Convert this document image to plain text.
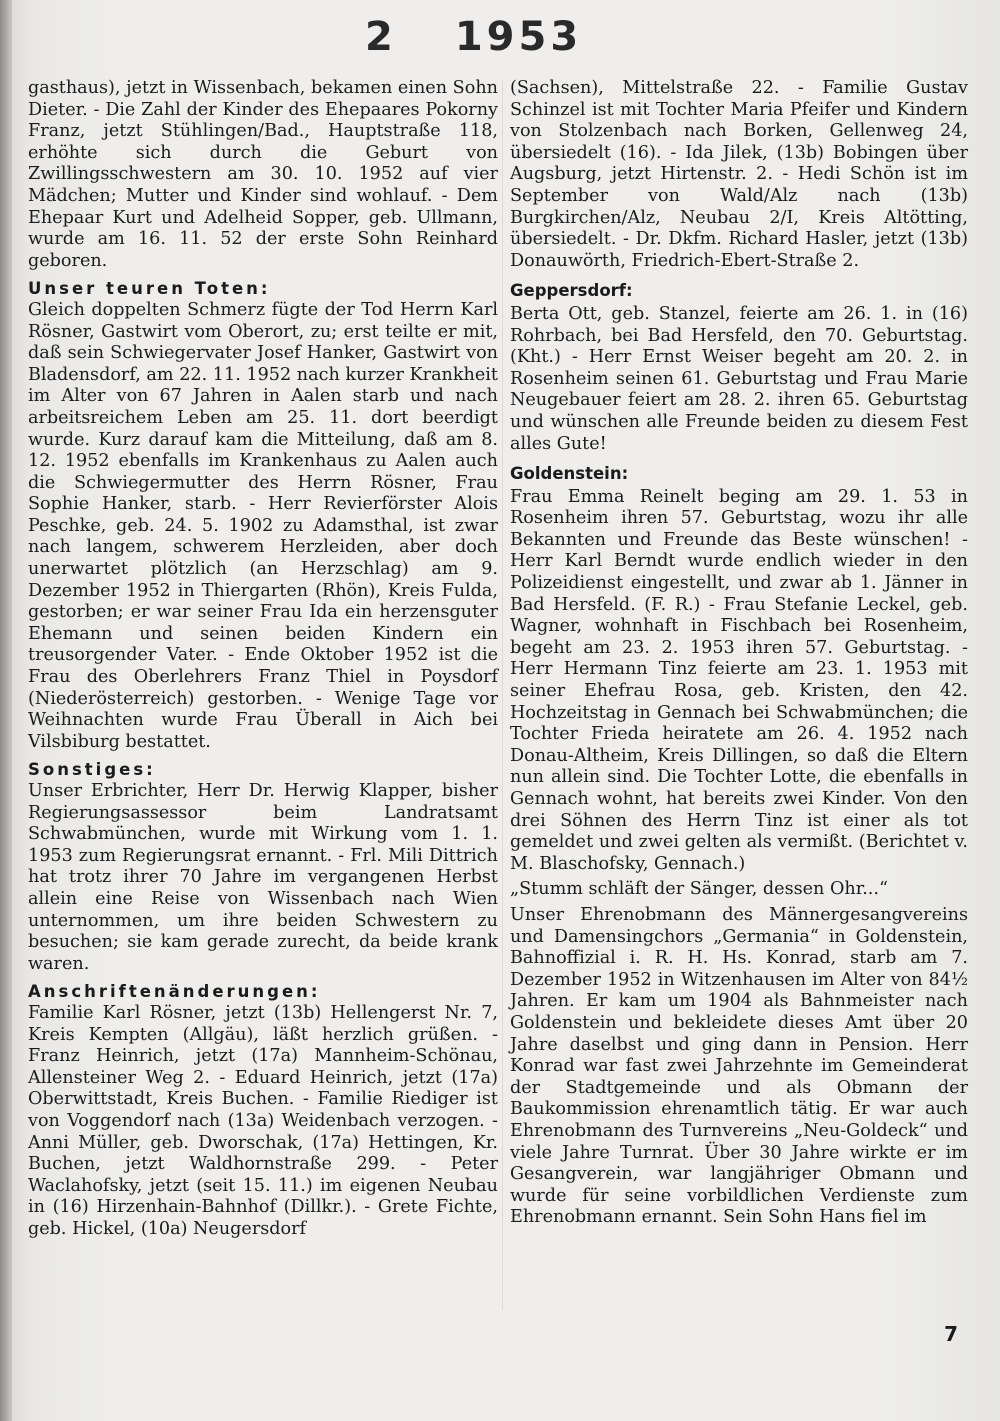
2 1953

gasthaus), jetzt in Wissenbach, bekamen einen Sohn Dieter. - Die Zahl der Kinder des Ehepaares Pokorny Franz, jetzt Stühlingen/Bad., Hauptstraße 118, erhöhte sich durch die Geburt von Zwillingsschwestern am 30. 10. 1952 auf vier Mädchen; Mutter und Kinder sind wohlauf. - Dem Ehepaar Kurt und Adelheid Sopper, geb. Ullmann, wurde am 16. 11. 52 der erste Sohn Reinhard geboren.

Unser teuren Toten:

Gleich doppelten Schmerz fügte der Tod Herrn Karl Rösner, Gastwirt vom Oberort, zu; erst teilte er mit, daß sein Schwiegervater Josef Hanker, Gastwirt von Bladensdorf, am 22. 11. 1952 nach kurzer Krankheit im Alter von 67 Jahren in Aalen starb und nach arbeitsreichem Leben am 25. 11. dort beerdigt wurde. Kurz darauf kam die Mitteilung, daß am 8. 12. 1952 ebenfalls im Krankenhaus zu Aalen auch die Schwiegermutter des Herrn Rösner, Frau Sophie Hanker, starb. - Herr Revierförster Alois Peschke, geb. 24. 5. 1902 zu Adamsthal, ist zwar nach langem, schwerem Herzleiden, aber doch unerwartet plötzlich (an Herzschlag) am 9. Dezember 1952 in Thiergarten (Rhön), Kreis Fulda, gestorben; er war seiner Frau Ida ein herzensguter Ehemann und seinen beiden Kindern ein treusorgender Vater. - Ende Oktober 1952 ist die Frau des Oberlehrers Franz Thiel in Poysdorf (Niederösterreich) gestorben. - Wenige Tage vor Weihnachten wurde Frau Überall in Aich bei Vilsbiburg bestattet.

Sonstiges:

Unser Erbrichter, Herr Dr. Herwig Klapper, bisher Regierungsassessor beim Landratsamt Schwabmünchen, wurde mit Wirkung vom 1. 1. 1953 zum Regierungsrat ernannt. - Frl. Mili Dittrich hat trotz ihrer 70 Jahre im vergangenen Herbst allein eine Reise von Wissenbach nach Wien unternommen, um ihre beiden Schwestern zu besuchen; sie kam gerade zurecht, da beide krank waren.

Anschriftenänderungen:

Familie Karl Rösner, jetzt (13b) Hellengerst Nr. 7, Kreis Kempten (Allgäu), läßt herzlich grüßen. - Franz Heinrich, jetzt (17a) Mannheim-Schönau, Allensteiner Weg 2. - Eduard Heinrich, jetzt (17a) Oberwittstadt, Kreis Buchen. - Familie Riediger ist von Voggendorf nach (13a) Weidenbach verzogen. - Anni Müller, geb. Dworschak, (17a) Hettingen, Kr. Buchen, jetzt Waldhornstraße 299. - Peter Waclahofsky, jetzt (seit 15. 11.) im eigenen Neubau in (16) Hirzenhain-Bahnhof (Dillkr.). - Grete Fichte, geb. Hickel, (10a) Neugersdorf

(Sachsen), Mittelstraße 22. - Familie Gustav Schinzel ist mit Tochter Maria Pfeifer und Kindern von Stolzenbach nach Borken, Gellenweg 24, übersiedelt (16). - Ida Jilek, (13b) Bobingen über Augsburg, jetzt Hirtenstr. 2. - Hedi Schön ist im September von Wald/Alz nach (13b) Burgkirchen/Alz, Neubau 2/I, Kreis Altötting, übersiedelt. - Dr. Dkfm. Richard Hasler, jetzt (13b) Donauwörth, Friedrich-Ebert-Straße 2.

Geppersdorf:

Berta Ott, geb. Stanzel, feierte am 26. 1. in (16) Rohrbach, bei Bad Hersfeld, den 70. Geburtstag. (Kht.) - Herr Ernst Weiser begeht am 20. 2. in Rosenheim seinen 61. Geburtstag und Frau Marie Neugebauer feiert am 28. 2. ihren 65. Geburtstag und wünschen alle Freunde beiden zu diesem Fest alles Gute!

Goldenstein:

Frau Emma Reinelt beging am 29. 1. 53 in Rosenheim ihren 57. Geburtstag, wozu ihr alle Bekannten und Freunde das Beste wünschen! - Herr Karl Berndt wurde endlich wieder in den Polizeidienst eingestellt, und zwar ab 1. Jänner in Bad Hersfeld. (F. R.) - Frau Stefanie Leckel, geb. Wagner, wohnhaft in Fischbach bei Rosenheim, begeht am 23. 2. 1953 ihren 57. Geburtstag. - Herr Hermann Tinz feierte am 23. 1. 1953 mit seiner Ehefrau Rosa, geb. Kristen, den 42. Hochzeitstag in Gennach bei Schwabmünchen; die Tochter Frieda heiratete am 26. 4. 1952 nach Donau-Altheim, Kreis Dillingen, so daß die Eltern nun allein sind. Die Tochter Lotte, die ebenfalls in Gennach wohnt, hat bereits zwei Kinder. Von den drei Söhnen des Herrn Tinz ist einer als tot gemeldet und zwei gelten als vermißt. (Berichtet v. M. Blaschofsky, Gennach.)

„Stumm schläft der Sänger, dessen Ohr...“

Unser Ehrenobmann des Männergesangvereins und Damensingchors „Germania“ in Goldenstein, Bahnoffizial i. R. H. Hs. Konrad, starb am 7. Dezember 1952 in Witzenhausen im Alter von 84½ Jahren. Er kam um 1904 als Bahnmeister nach Goldenstein und bekleidete dieses Amt über 20 Jahre daselbst und ging dann in Pension. Herr Konrad war fast zwei Jahrzehnte im Gemeinderat der Stadtgemeinde und als Obmann der Baukommission ehrenamtlich tätig. Er war auch Ehrenobmann des Turnvereins „Neu-Goldeck“ und viele Jahre Turnrat. Über 30 Jahre wirkte er im Gesangverein, war langjähriger Obmann und wurde für seine vorbildlichen Verdienste zum Ehrenobmann ernannt. Sein Sohn Hans fiel im

7
